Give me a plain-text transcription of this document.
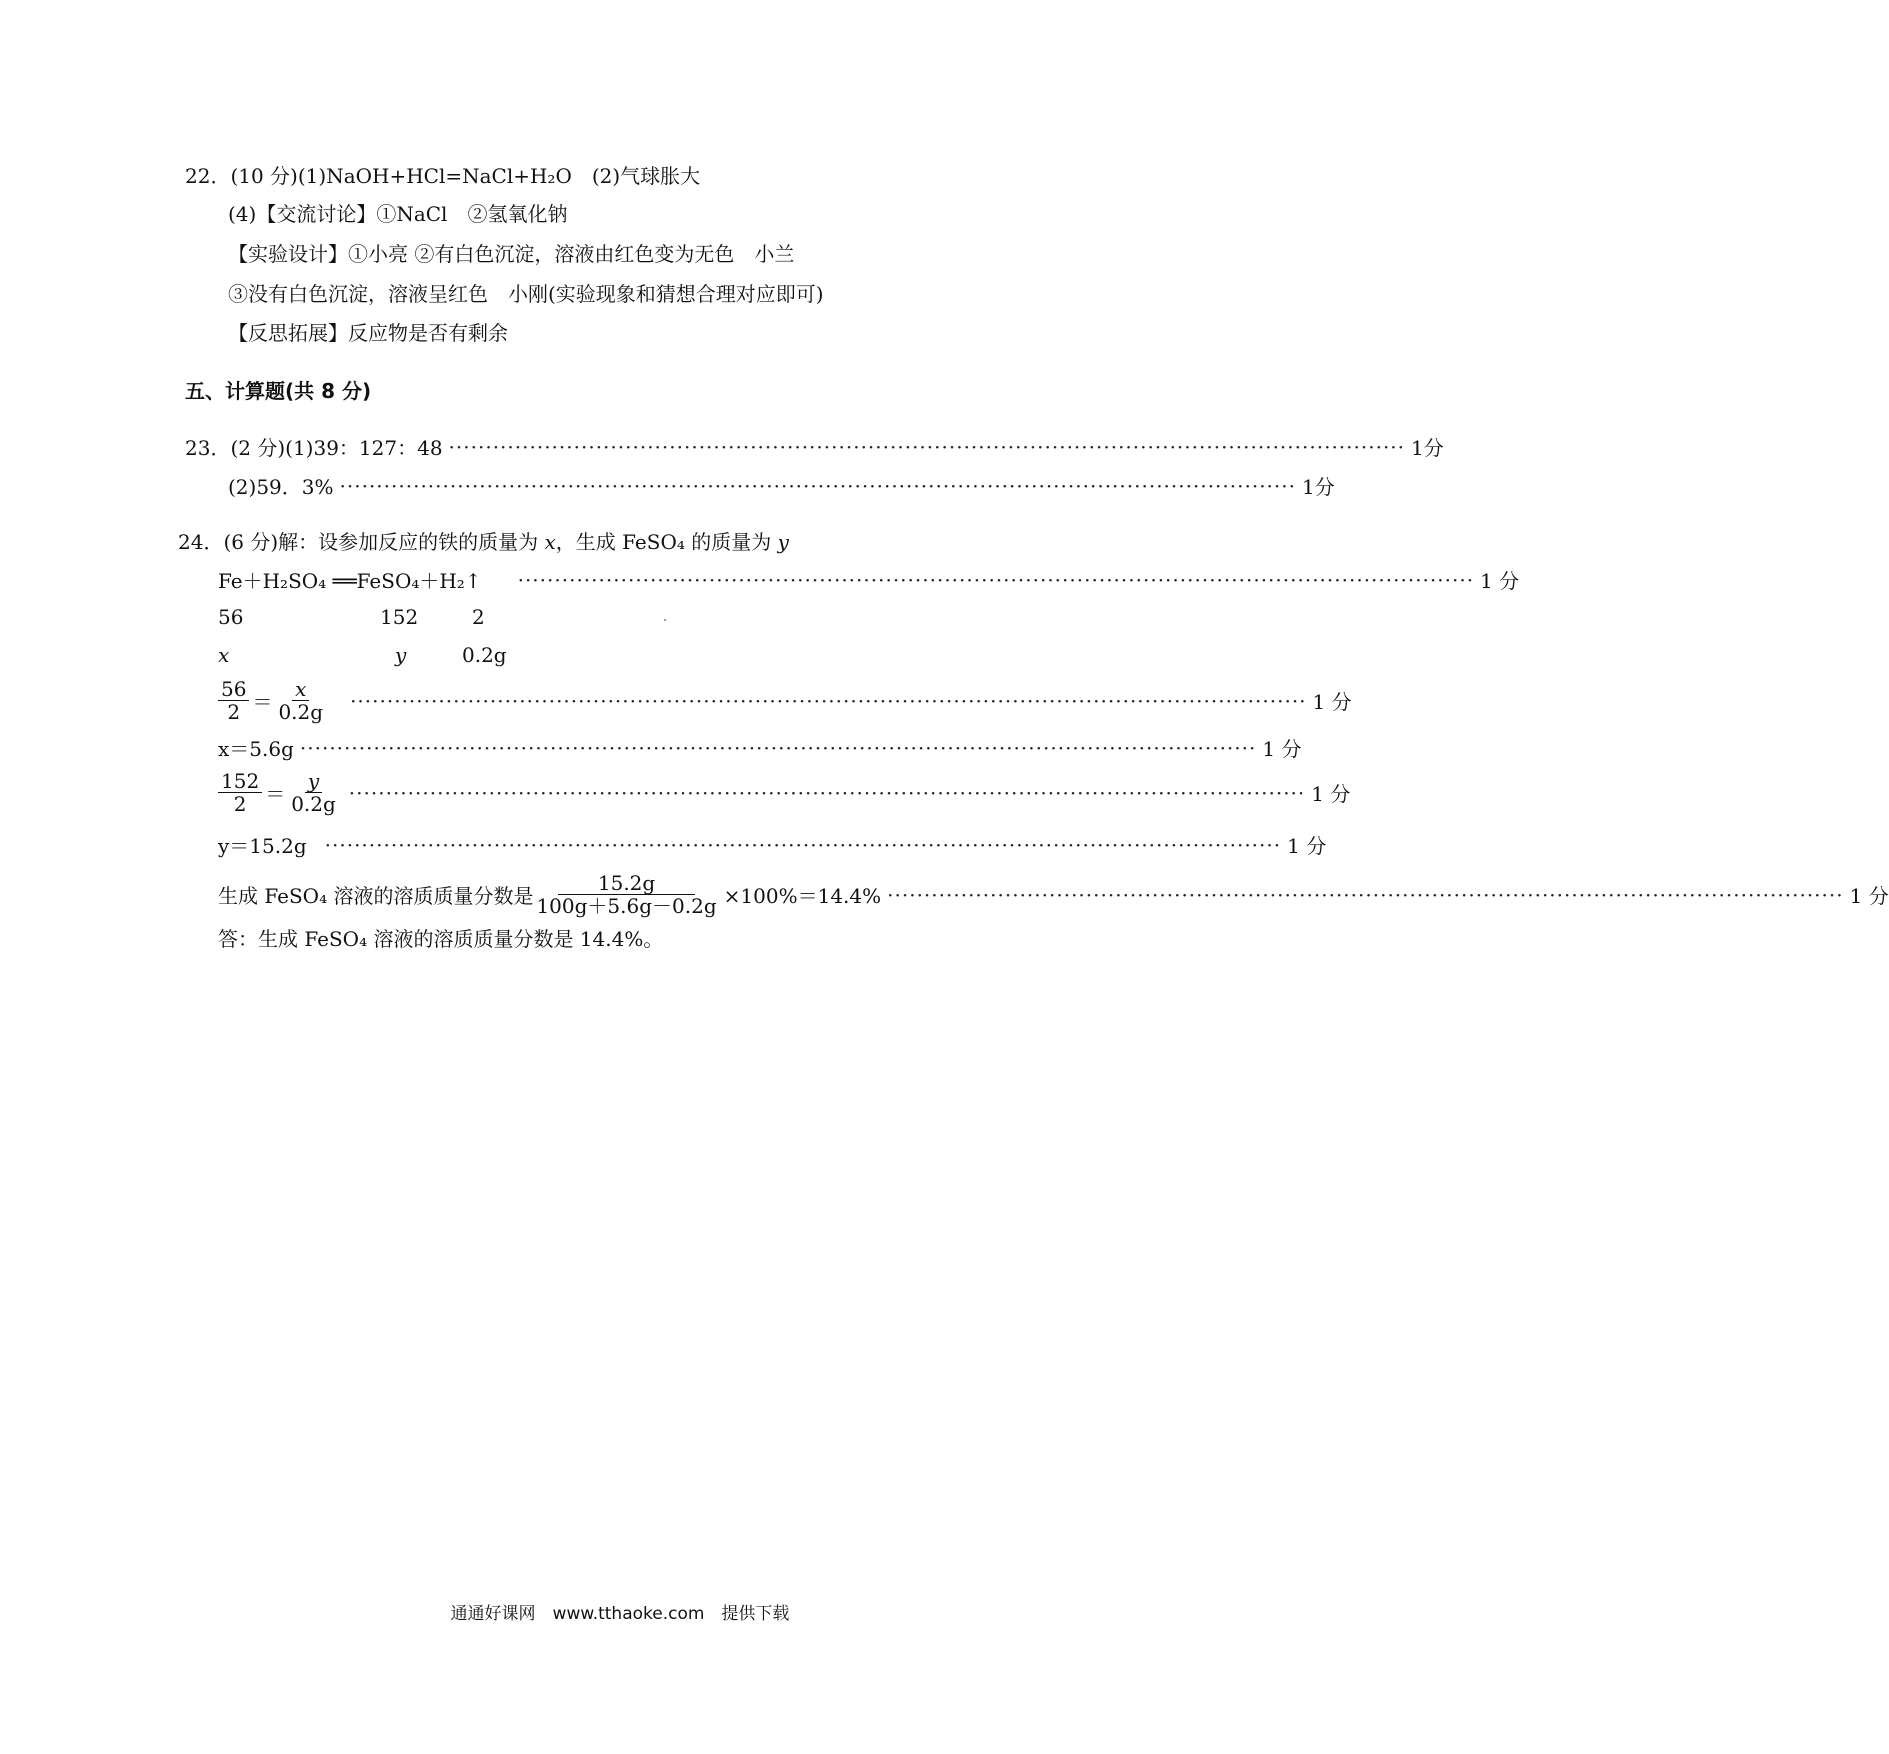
22．(10 分)(1)NaOH+HCl=NaCl+H₂O　(2)气球胀大
(4)【交流讨论】①NaCl　②氢氧化钠
【实验设计】①小亮 ②有白色沉淀，溶液由红色变为无色　小兰
③没有白色沉淀，溶液呈红色　小刚(实验现象和猜想合理对应即可)
【反思拓展】反应物是否有剩余
五、计算题(共 8 分)
23．(2 分)(1)39：127：48 ·································································································································· 1分
(2)59．3% ·································································································································· 1分
24．(6 分)解：设参加反应的铁的质量为 x，生成 FeSO₄ 的质量为 y
Fe＋H₂SO₄ ══FeSO₄＋H₂↑ ·································································································································· 1 分
56	152	2
x	y	0.2g
$\frac{56}{2} = \frac{x}{0.2g}$ ·································································································································· 1 分
x＝5.6g ·································································································································· 1 分
$\frac{152}{2} = \frac{y}{0.2g}$ ·································································································································· 1 分
y＝15.2g ·································································································································· 1 分
生成 FeSO₄ 溶液的溶质质量分数是 $\frac{15.2g}{100g+5.6g-0.2g} \times 100\%=14.4\%$ ·································································································································· 1 分
答：生成 FeSO₄ 溶液的溶质质量分数是 14.4%。
通通好课网　www.tthaoke.com　提供下载
